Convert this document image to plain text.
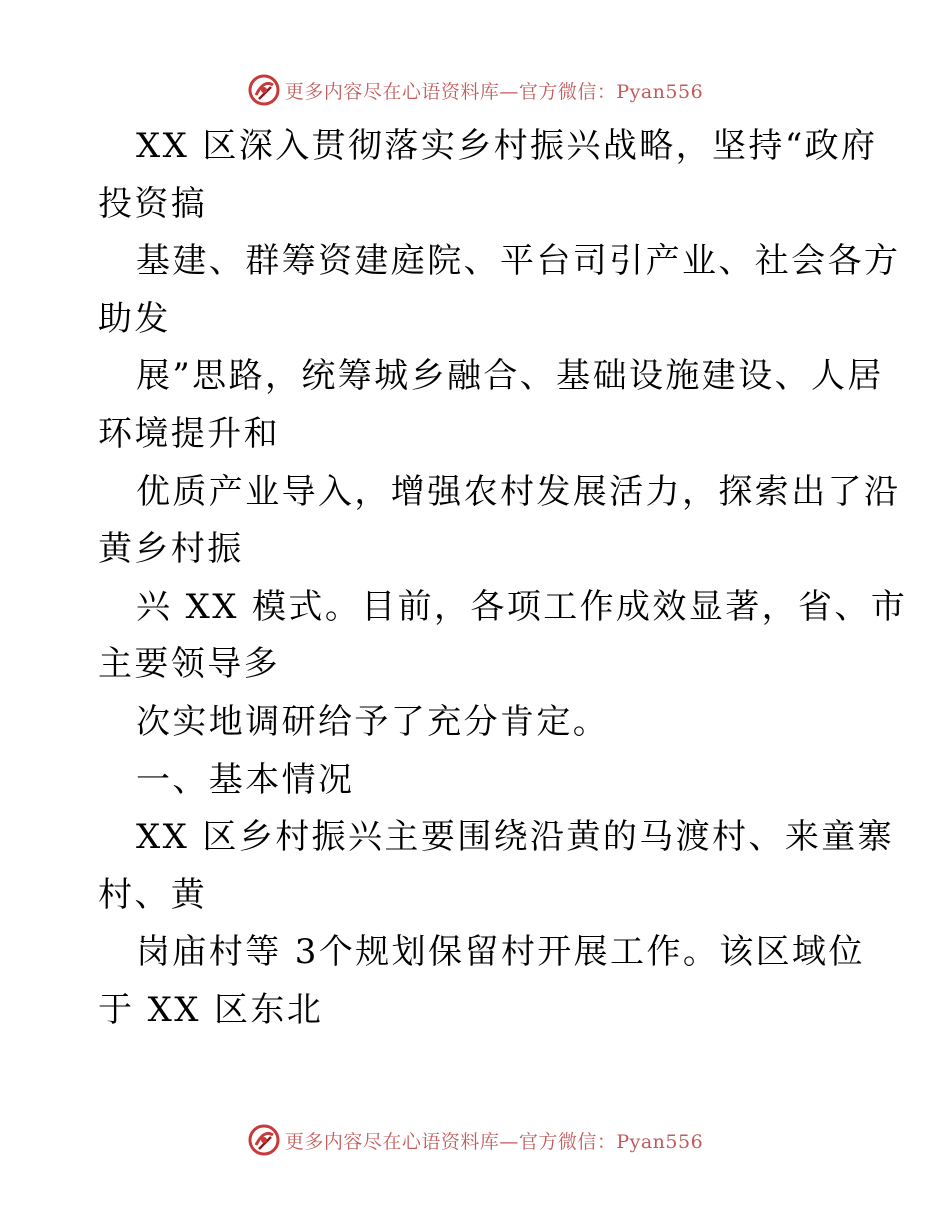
更多内容尽在心语资料库—官方微信：Pyan556
XX 区深入贯彻落实乡村振兴战略，坚持“政府
投资搞
基建、群筹资建庭院、平台司引产业、社会各方
助发
展”思路，统筹城乡融合、基础设施建设、人居
环境提升和
优质产业导入，增强农村发展活力，探索出了沿
黄乡村振
兴 XX 模式。目前，各项工作成效显著，省、市
主要领导多
次实地调研给予了充分肯定。
一、基本情况
XX 区乡村振兴主要围绕沿黄的马渡村、来童寨
村、黄
岗庙村等 3个规划保留村开展工作。该区域位
于 XX 区东北
更多内容尽在心语资料库—官方微信：Pyan556
